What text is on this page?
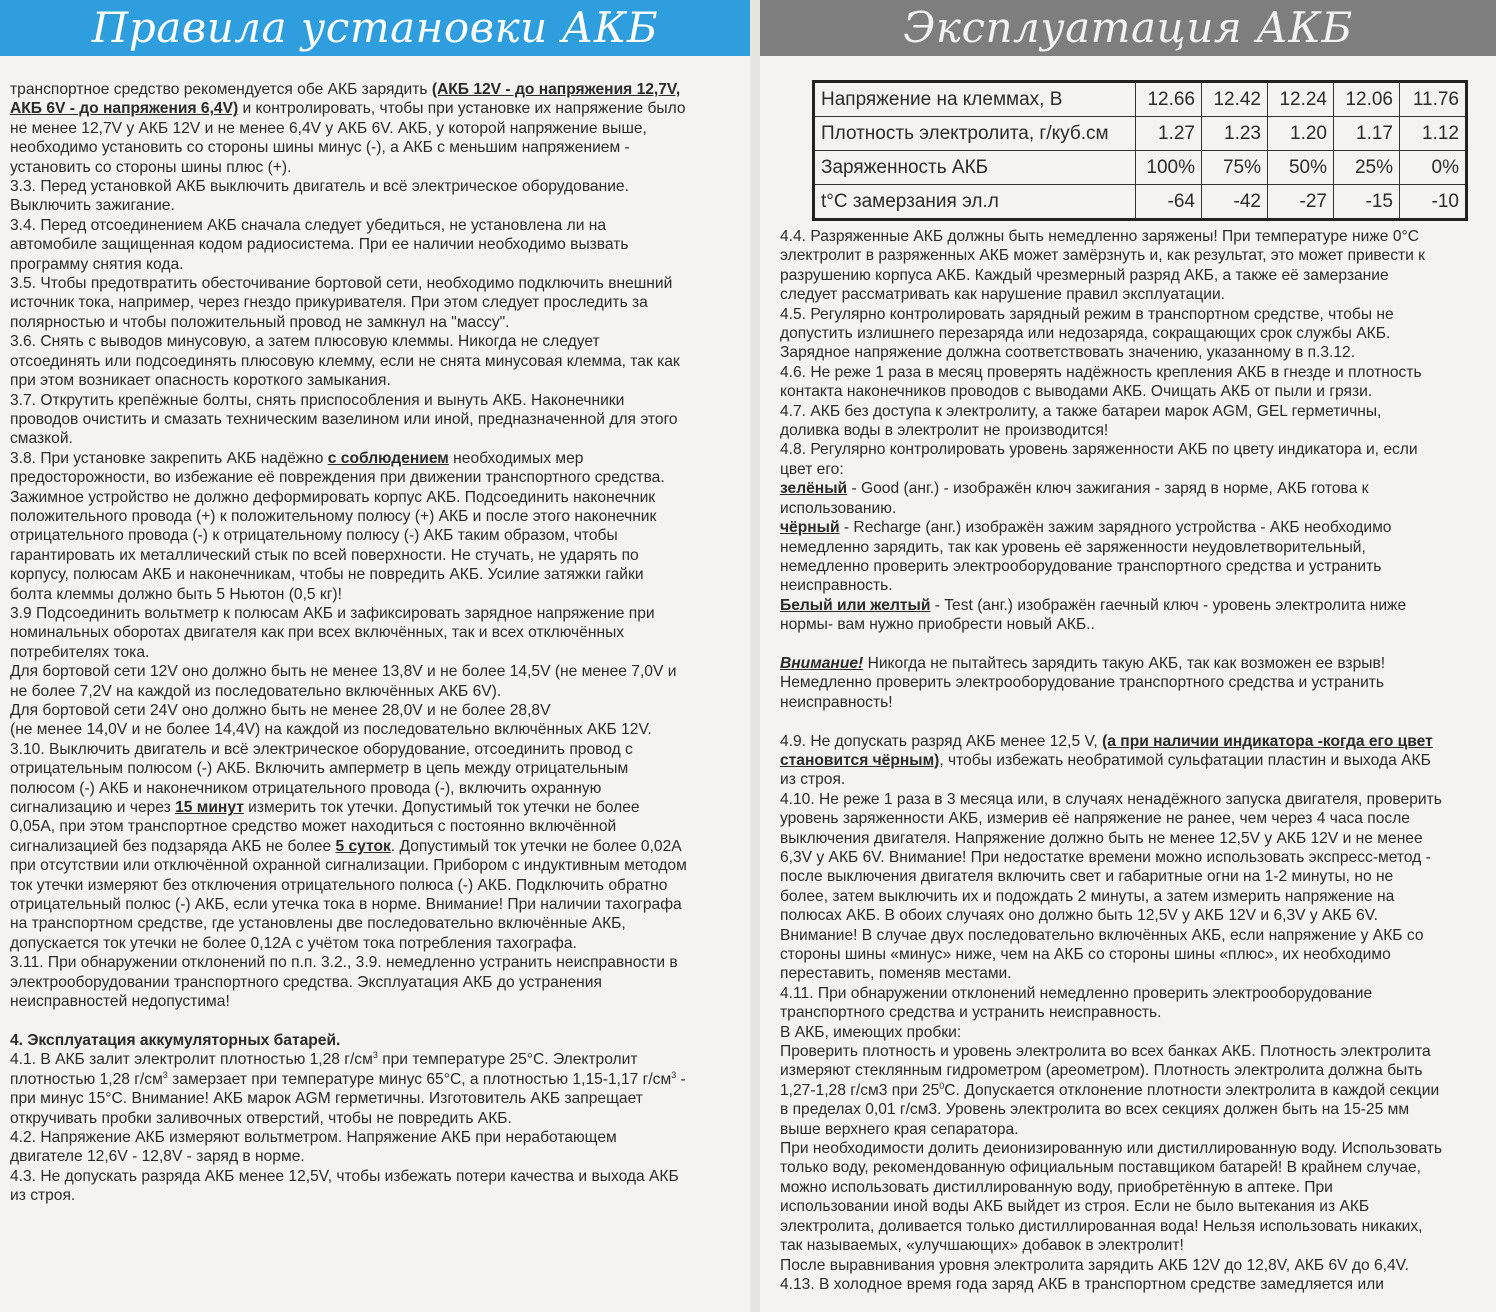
Правила установки АКБ

транспортное средство рекомендуется обе АКБ зарядить (АКБ 12V - до напряжения 12,7V,

АКБ 6V - до напряжения 6,4V) и контролировать, чтобы при установке их напряжение было

не менее 12,7V у АКБ 12V и не менее 6,4V у АКБ 6V. АКБ, у которой напряжение выше,

необходимо установить со стороны шины минус (-), а АКБ с меньшим напряжением -

установить со стороны шины плюс (+).

3.3. Перед установкой АКБ выключить двигатель и всё электрическое оборудование.

Выключить зажигание.

3.4. Перед отсоединением АКБ сначала следует убедиться, не установлена ли на

автомобиле защищенная кодом радиосистема. При ее наличии необходимо вызвать

программу снятия кода.

3.5. Чтобы предотвратить обесточивание бортовой сети, необходимо подключить внешний

источник тока, например, через гнездо прикуривателя. При этом следует проследить за

полярностью и чтобы положительный провод не замкнул на "массу".

3.6. Снять с выводов минусовую, а затем плюсовую клеммы. Никогда не следует

отсоединять или подсоединять плюсовую клемму, если не снята минусовая клемма, так как

при этом возникает опасность короткого замыкания.

3.7. Открутить крепёжные болты, снять приспособления и вынуть АКБ. Наконечники

проводов очистить и смазать техническим вазелином или иной, предназначенной для этого

смазкой.

3.8. При установке закрепить АКБ надёжно с соблюдением необходимых мер

предосторожности, во избежание её повреждения при движении транспортного средства.

Зажимное устройство не должно деформировать корпус АКБ. Подсоединить наконечник

положительного провода (+) к положительному полюсу (+) АКБ и после этого наконечник

отрицательного провода (-) к отрицательному полюсу (-) АКБ таким образом, чтобы

гарантировать их металлический стык по всей поверхности. Не стучать, не ударять по

корпусу, полюсам АКБ и наконечникам, чтобы не повредить АКБ. Усилие затяжки гайки

болта клеммы должно быть 5 Ньютон (0,5 кг)!

3.9 Подсоединить вольтметр к полюсам АКБ и зафиксировать зарядное напряжение при

номинальных оборотах двигателя как при всех включённых, так и всех отключённых

потребителях тока.

Для бортовой сети 12V оно должно быть не менее 13,8V и не более 14,5V (не менее 7,0V и

не более 7,2V на каждой из последовательно включённых АКБ 6V).

Для бортовой сети 24V оно должно быть не менее 28,0V и не более 28,8V

(не менее 14,0V и не более 14,4V) на каждой из последовательно включённых АКБ 12V.

3.10. Выключить двигатель и всё электрическое оборудование, отсоединить провод с

отрицательным полюсом (-) АКБ. Включить амперметр в цепь между отрицательным

полюсом (-) АКБ и наконечником отрицательного провода (-), включить охранную

сигнализацию и через 15 минут измерить ток утечки. Допустимый ток утечки не более

0,05А, при этом транспортное средство может находиться с постоянно включённой

сигнализацией без подзаряда АКБ не более 5 суток. Допустимый ток утечки не более 0,02А

при отсутствии или отключённой охранной сигнализации. Прибором с индуктивным методом

ток утечки измеряют без отключения отрицательного полюса (-) АКБ. Подключить обратно

отрицательный полюс (-) АКБ, если утечка тока в норме. Внимание! При наличии тахографа

на транспортном средстве, где установлены две последовательно включённые АКБ,

допускается ток утечки не более 0,12А с учётом тока потребления тахографа.

3.11. При обнаружении отклонений по п.п. 3.2., 3.9. немедленно устранить неисправности в

электрооборудовании транспортного средства. Эксплуатация АКБ до устранения

неисправностей недопустима!

4. Эксплуатация аккумуляторных батарей.

4.1. В АКБ залит электролит плотностью 1,28 $г/см^3$ при температуре 25°С. Электролит

плотностью 1,28 $г/см^3$ замерзает при температуре минус 65°С, а плотностью 1,15-1,17 $г/см^3$ -

при минус 15°С. Внимание! АКБ марок AGM герметичны. Изготовитель АКБ запрещает

откручивать пробки заливочных отверстий, чтобы не повредить АКБ.

4.2. Напряжение АКБ измеряют вольтметром. Напряжение АКБ при неработающем

двигателе 12,6V - 12,8V - заряд в норме.

4.3. Не допускать разряда АКБ менее 12,5V, чтобы избежать потери качества и выхода АКБ

из строя.

Эксплуатация АКБ
Напряжение на клеммах, В	12.66	12.42	12.24	12.06	11.76
Плотность электролита, г/куб.см	1.27	1.23	1.20	1.17	1.12
Заряженность АКБ	100%	75%	50%	25%	0%
t°С замерзания эл.л	-64	-42	-27	-15	-10

4.4. Разряженные АКБ должны быть немедленно заряжены! При температуре ниже 0°С

электролит в разряженных АКБ может замёрзнуть и, как результат, это может привести к

разрушению корпуса АКБ. Каждый чрезмерный разряд АКБ, а также её замерзание

следует рассматривать как нарушение правил эксплуатации.

4.5. Регулярно контролировать зарядный режим в транспортном средстве, чтобы не

допустить излишнего перезаряда или недозаряда, сокращающих срок службы АКБ.

Зарядное напряжение должна соответствовать значению, указанному в п.3.12.

4.6. Не реже 1 раза в месяц проверять надёжность крепления АКБ в гнезде и плотность

контакта наконечников проводов с выводами АКБ. Очищать АКБ от пыли и грязи.

4.7. АКБ без доступа к электролиту, а также батареи марок AGM, GEL герметичны,

доливка воды в электролит не производится!

4.8. Регулярно контролировать уровень заряженности АКБ по цвету индикатора и, если

цвет его:

зелёный - Good (анг.) - изображён ключ зажигания - заряд в норме, АКБ готова к

использованию.

чёрный - Recharge (анг.) изображён зажим зарядного устройства - АКБ необходимо

немедленно зарядить, так как уровень её заряженности неудовлетворительный,

немедленно проверить электрооборудование транспортного средства и устранить

неисправность.

Белый или желтый - Test (анг.) изображён гаечный ключ - уровень электролита ниже

нормы- вам нужно приобрести новый АКБ..

Внимание! Никогда не пытайтесь зарядить такую АКБ, так как возможен ее взрыв!

Немедленно проверить электрооборудование транспортного средства и устранить

неисправность!

4.9. Не допускать разряд АКБ менее 12,5 V, (а при наличии индикатора -когда его цвет

становится чёрным), чтобы избежать необратимой сульфатации пластин и выхода АКБ

из строя.

4.10. Не реже 1 раза в 3 месяца или, в случаях ненадёжного запуска двигателя, проверить

уровень заряженности АКБ, измерив её напряжение не ранее, чем через 4 часа после

выключения двигателя. Напряжение должно быть не менее 12,5V у АКБ 12V и не менее

6,3V у АКБ 6V. Внимание! При недостатке времени можно использовать экспресс-метод -

после выключения двигателя включить свет и габаритные огни на 1-2 минуты, но не

более, затем выключить их и подождать 2 минуты, а затем измерить напряжение на

полюсах АКБ. В обоих случаях оно должно быть 12,5V у АКБ 12V и 6,3V у АКБ 6V.

Внимание! В случае двух последовательно включённых АКБ, если напряжение у АКБ со

стороны шины «минус» ниже, чем на АКБ со стороны шины «плюс», их необходимо

переставить, поменяв местами.

4.11. При обнаружении отклонений немедленно проверить электрооборудование

транспортного средства и устранить неисправность.

В АКБ, имеющих пробки:

Проверить плотность и уровень электролита во всех банках АКБ. Плотность электролита

измеряют стеклянным гидрометром (ареометром). Плотность электролита должна быть

1,27-1,28 г/см3 при $25^0С$. Допускается отклонение плотности электролита в каждой секции

в пределах 0,01 г/см3. Уровень электролита во всех секциях должен быть на 15-25 мм

выше верхнего края сепаратора.

При необходимости долить деионизированную или дистиллированную воду. Использовать

только воду, рекомендованную официальным поставщиком батарей! В крайнем случае,

можно использовать дистиллированную воду, приобретённую в аптеке. При

использовании иной воды АКБ выйдет из строя. Если не было вытекания из АКБ

электролита, доливается только дистиллированная вода! Нельзя использовать никаких,

так называемых, «улучшающих» добавок в электролит!

После выравнивания уровня электролита зарядить АКБ 12V до 12,8V, АКБ 6V до 6,4V.

4.13. В холодное время года заряд АКБ в транспортном средстве замедляется или
